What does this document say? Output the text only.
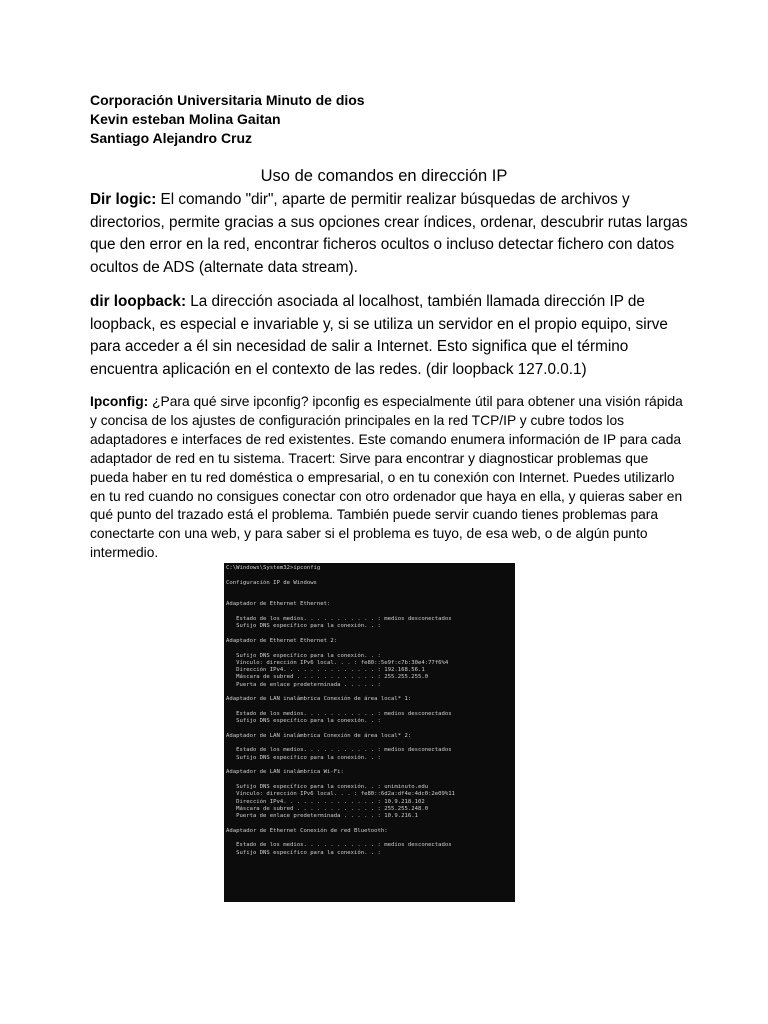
Corporación Universitaria Minuto de dios
Kevin esteban Molina Gaitan
Santiago Alejandro Cruz
Uso de comandos en dirección IP

Dir logic: El comando "dir", aparte de permitir realizar búsquedas de archivos y directorios, permite gracias a sus opciones crear índices, ordenar, descubrir rutas largas que den error en la red, encontrar ficheros ocultos o incluso detectar fichero con datos ocultos de ADS (alternate data stream).

dir loopback: La dirección asociada al localhost, también llamada dirección IP de loopback, es especial e invariable y, si se utiliza un servidor en el propio equipo, sirve para acceder a él sin necesidad de salir a Internet. Esto significa que el término encuentra aplicación en el contexto de las redes. (dir loopback 127.0.0.1)

Ipconfig: ¿Para qué sirve ipconfig? ipconfig es especialmente útil para obtener una visión rápida y concisa de los ajustes de configuración principales en la red TCP/IP y cubre todos los adaptadores e interfaces de red existentes. Este comando enumera información de IP para cada adaptador de red en tu sistema. Tracert: Sirve para encontrar y diagnosticar problemas que pueda haber en tu red doméstica o empresarial, o en tu conexión con Internet. Puedes utilizarlo en tu red cuando no consigues conectar con otro ordenador que haya en ella, y quieras saber en qué punto del trazado está el problema. También puede servir cuando tienes problemas para conectarte con una web, y para saber si el problema es tuyo, de esa web, o de algún punto intermedio.

C:\Windows\System32>ipconfig
Configuración IP de Windows
Adaptador de Ethernet Ethernet:
Estado de los medios. . . . . . . . . . . : medios desconectados
Sufijo DNS específico para la conexión. . :
Adaptador de Ethernet Ethernet 2:
Sufijo DNS específico para la conexión. . :
Vínculo: dirección IPv6 local. . . : fe80::5e9f:c7b:30e4:77f6%4
Dirección IPv4. . . . . . . . . . . . . . : 192.168.56.1
Máscara de subred . . . . . . . . . . . . : 255.255.255.0
Puerta de enlace predeterminada . . . . . :
Adaptador de LAN inalámbrica Conexión de área local* 1:
Estado de los medios. . . . . . . . . . . : medios desconectados
Sufijo DNS específico para la conexión. . :
Adaptador de LAN inalámbrica Conexión de área local* 2:
Estado de los medios. . . . . . . . . . . : medios desconectados
Sufijo DNS específico para la conexión. . :
Adaptador de LAN inalámbrica Wi-Fi:
Sufijo DNS específico para la conexión. . : uniminuto.edu
Vínculo: dirección IPv6 local. . . : fe80::6d2a:df4e:4dc0:2e09%11
Dirección IPv4. . . . . . . . . . . . . . : 10.9.218.102
Máscara de subred . . . . . . . . . . . . : 255.255.248.0
Puerta de enlace predeterminada . . . . . : 10.9.216.1
Adaptador de Ethernet Conexión de red Bluetooth:
Estado de los medios. . . . . . . . . . . : medios desconectados
Sufijo DNS específico para la conexión. . :
